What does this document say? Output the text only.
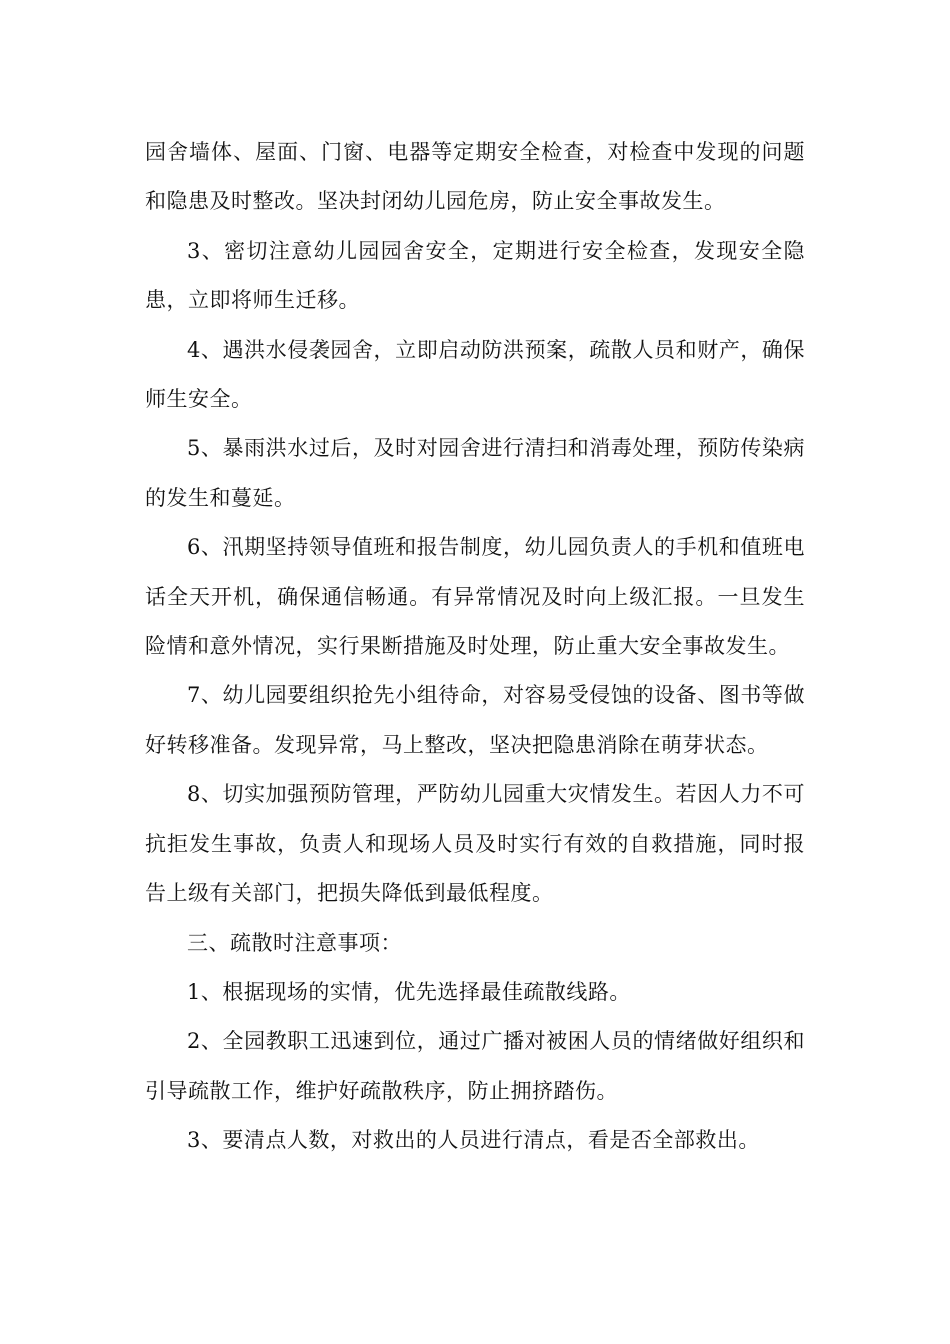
园舍墙体、屋面、门窗、电器等定期安全检查，对检查中发现的问题和隐患及时整改。坚决封闭幼儿园危房，防止安全事故发生。

3、密切注意幼儿园园舍安全，定期进行安全检查，发现安全隐患，立即将师生迁移。

4、遇洪水侵袭园舍，立即启动防洪预案，疏散人员和财产，确保师生安全。

5、暴雨洪水过后，及时对园舍进行清扫和消毒处理，预防传染病的发生和蔓延。

6、汛期坚持领导值班和报告制度，幼儿园负责人的手机和值班电话全天开机，确保通信畅通。有异常情况及时向上级汇报。一旦发生险情和意外情况，实行果断措施及时处理，防止重大安全事故发生。

7、幼儿园要组织抢先小组待命，对容易受侵蚀的设备、图书等做好转移准备。发现异常，马上整改，坚决把隐患消除在萌芽状态。

8、切实加强预防管理，严防幼儿园重大灾情发生。若因人力不可抗拒发生事故，负责人和现场人员及时实行有效的自救措施，同时报告上级有关部门，把损失降低到最低程度。

三、疏散时注意事项：

1、根据现场的实情，优先选择最佳疏散线路。

2、全园教职工迅速到位，通过广播对被困人员的情绪做好组织和引导疏散工作，维护好疏散秩序，防止拥挤踏伤。

3、要清点人数，对救出的人员进行清点，看是否全部救出。
